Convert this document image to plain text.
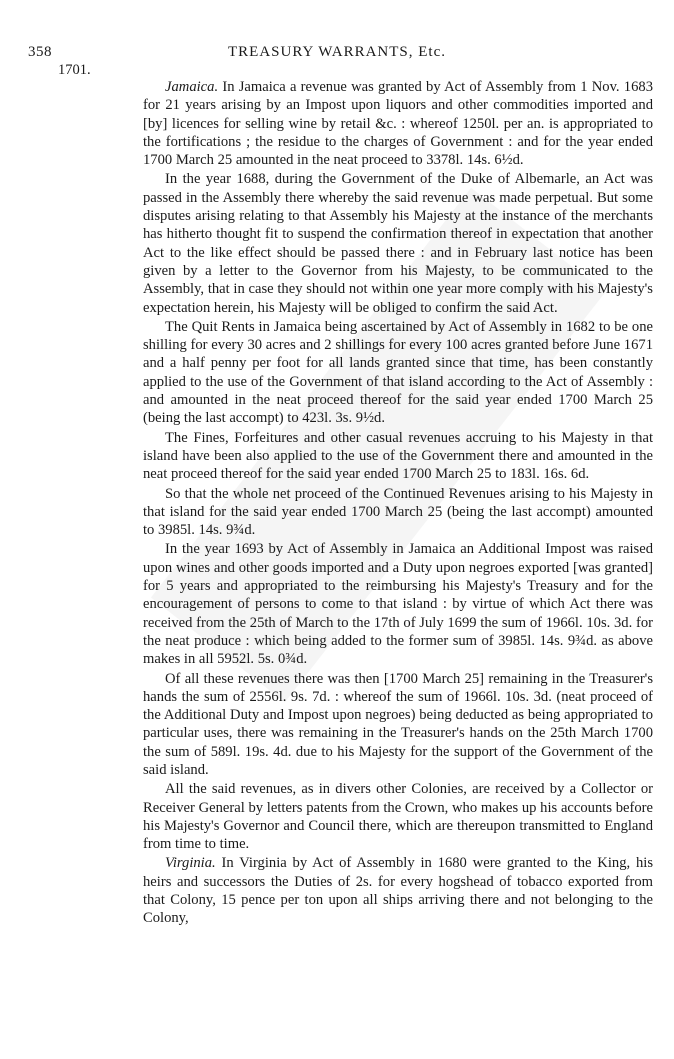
358	TREASURY WARRANTS, Etc.
1701.

Jamaica. In Jamaica a revenue was granted by Act of Assembly from 1 Nov. 1683 for 21 years arising by an Impost upon liquors and other commodities imported and [by] licences for selling wine by retail &c. : whereof 1250l. per an. is appropriated to the fortifications ; the residue to the charges of Government : and for the year ended 1700 March 25 amounted in the neat proceed to 3378l. 14s. 6½d.

In the year 1688, during the Government of the Duke of Albemarle, an Act was passed in the Assembly there whereby the said revenue was made perpetual. But some disputes arising relating to that Assembly his Majesty at the instance of the merchants has hitherto thought fit to suspend the confirmation thereof in expectation that another Act to the like effect should be passed there : and in February last notice has been given by a letter to the Governor from his Majesty, to be communicated to the Assembly, that in case they should not within one year more comply with his Majesty's expectation herein, his Majesty will be obliged to confirm the said Act.

The Quit Rents in Jamaica being ascertained by Act of Assembly in 1682 to be one shilling for every 30 acres and 2 shillings for every 100 acres granted before June 1671 and a half penny per foot for all lands granted since that time, has been constantly applied to the use of the Government of that island according to the Act of Assembly : and amounted in the neat proceed thereof for the said year ended 1700 March 25 (being the last accompt) to 423l. 3s. 9½d.

The Fines, Forfeitures and other casual revenues accruing to his Majesty in that island have been also applied to the use of the Government there and amounted in the neat proceed thereof for the said year ended 1700 March 25 to 183l. 16s. 6d.

So that the whole net proceed of the Continued Revenues arising to his Majesty in that island for the said year ended 1700 March 25 (being the last accompt) amounted to 3985l. 14s. 9¾d.

In the year 1693 by Act of Assembly in Jamaica an Additional Impost was raised upon wines and other goods imported and a Duty upon negroes exported [was granted] for 5 years and appropriated to the reimbursing his Majesty's Treasury and for the encouragement of persons to come to that island : by virtue of which Act there was received from the 25th of March to the 17th of July 1699 the sum of 1966l. 10s. 3d. for the neat produce : which being added to the former sum of 3985l. 14s. 9¾d. as above makes in all 5952l. 5s. 0¾d.

Of all these revenues there was then [1700 March 25] remaining in the Treasurer's hands the sum of 2556l. 9s. 7d. : whereof the sum of 1966l. 10s. 3d. (neat proceed of the Additional Duty and Impost upon negroes) being deducted as being appropriated to particular uses, there was remaining in the Treasurer's hands on the 25th March 1700 the sum of 589l. 19s. 4d. due to his Majesty for the support of the Government of the said island.

All the said revenues, as in divers other Colonies, are received by a Collector or Receiver General by letters patents from the Crown, who makes up his accounts before his Majesty's Governor and Council there, which are thereupon transmitted to England from time to time.

Virginia. In Virginia by Act of Assembly in 1680 were granted to the King, his heirs and successors the Duties of 2s. for every hogshead of tobacco exported from that Colony, 15 pence per ton upon all ships arriving there and not belonging to the Colony,
